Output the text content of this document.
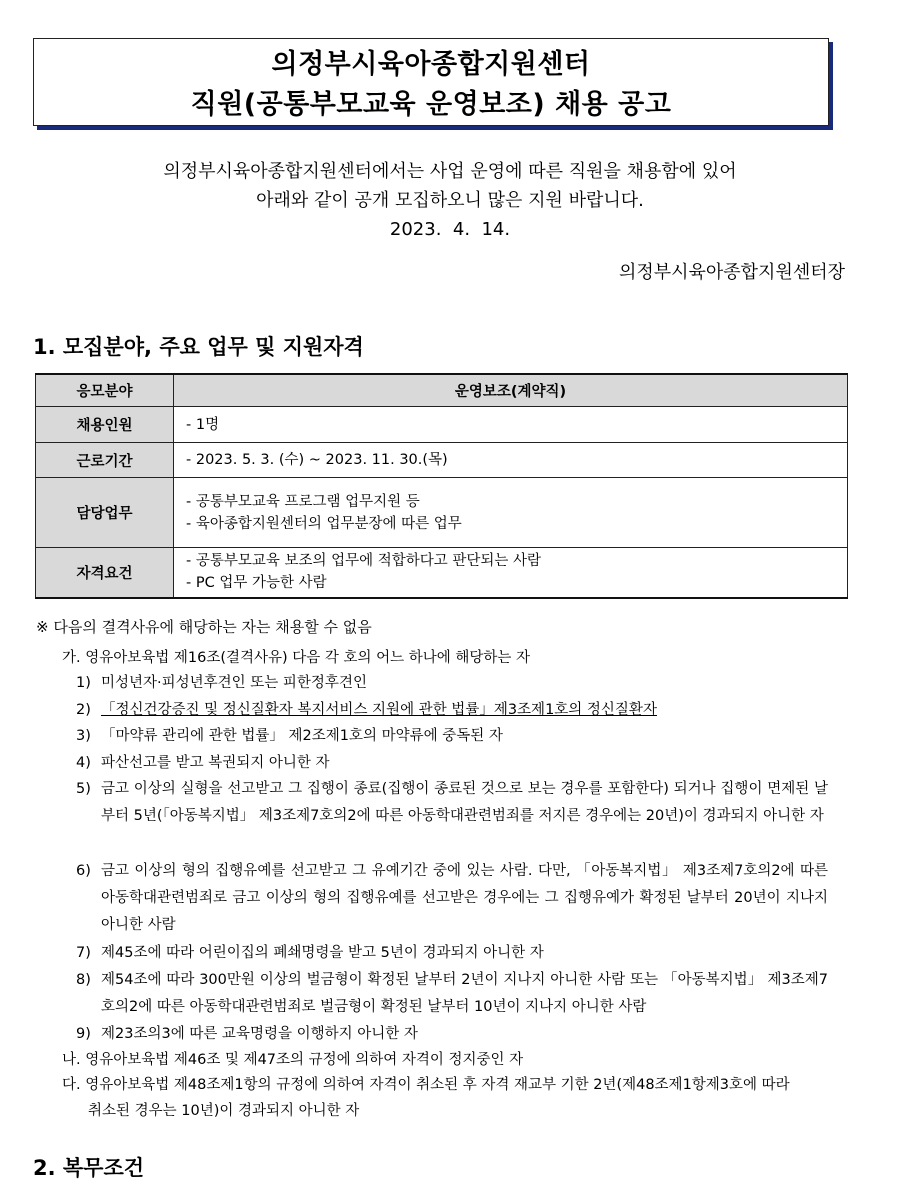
의정부시육아종합지원센터
직원(공통부모교육 운영보조) 채용 공고
의정부시육아종합지원센터에서는 사업 운영에 따른 직원을 채용함에 있어
아래와 같이 공개 모집하오니 많은 지원 바랍니다.
2023.  4.  14.
의정부시육아종합지원센터장
1. 모집분야, 주요 업무 및 지원자격
응모분야	운영보조(계약직)
채용인원	- 1명

근로기간	- 2023. 5. 3. (수) ~ 2023. 11. 30.(목)

담당업무	- 공통부모교육 프로그램 업무지원 등
- 육아종합지원센터의 업무분장에 따른 업무

자격요건	- 공통부모교육 보조의 업무에 적합하다고 판단되는 사람
- PC 업무 가능한 사람
※ 다음의 결격사유에 해당하는 자는 채용할 수 없음
가. 영유아보육법 제16조(결격사유) 다음 각 호의 어느 하나에 해당하는 자
1) 미성년자·피성년후견인 또는 피한정후견인
2) 「정신건강증진 및 정신질환자 복지서비스 지원에 관한 법률」제3조제1호의 정신질환자
3) 「마약류 관리에 관한 법률」 제2조제1호의 마약류에 중독된 자
4) 파산선고를 받고 복권되지 아니한 자
5) 금고 이상의 실형을 선고받고 그 집행이 종료(집행이 종료된 것으로 보는 경우를 포함한다) 되거나 집행이 면제된 날부터 5년(「아동복지법」 제3조제7호의2에 따른 아동학대관련범죄를 저지른 경우에는 20년)이 경과되지 아니한 자
6) 금고 이상의 형의 집행유예를 선고받고 그 유예기간 중에 있는 사람. 다만, 「아동복지법」 제3조제7호의2에 따른 아동학대관련범죄로 금고 이상의 형의 집행유예를 선고받은 경우에는 그 집행유예가 확정된 날부터 20년이 지나지 아니한 사람
7) 제45조에 따라 어린이집의 폐쇄명령을 받고 5년이 경과되지 아니한 자
8) 제54조에 따라 300만원 이상의 벌금형이 확정된 날부터 2년이 지나지 아니한 사람 또는 「아동복지법」 제3조제7호의2에 따른 아동학대관련범죄로 벌금형이 확정된 날부터 10년이 지나지 아니한 사람
9) 제23조의3에 따른 교육명령을 이행하지 아니한 자
나. 영유아보육법 제46조 및 제47조의 규정에 의하여 자격이 정지중인 자
다. 영유아보육법 제48조제1항의 규정에 의하여 자격이 취소된 후 자격 재교부 기한 2년(제48조제1항제3호에 따라
취소된 경우는 10년)이 경과되지 아니한 자
2. 복무조건
